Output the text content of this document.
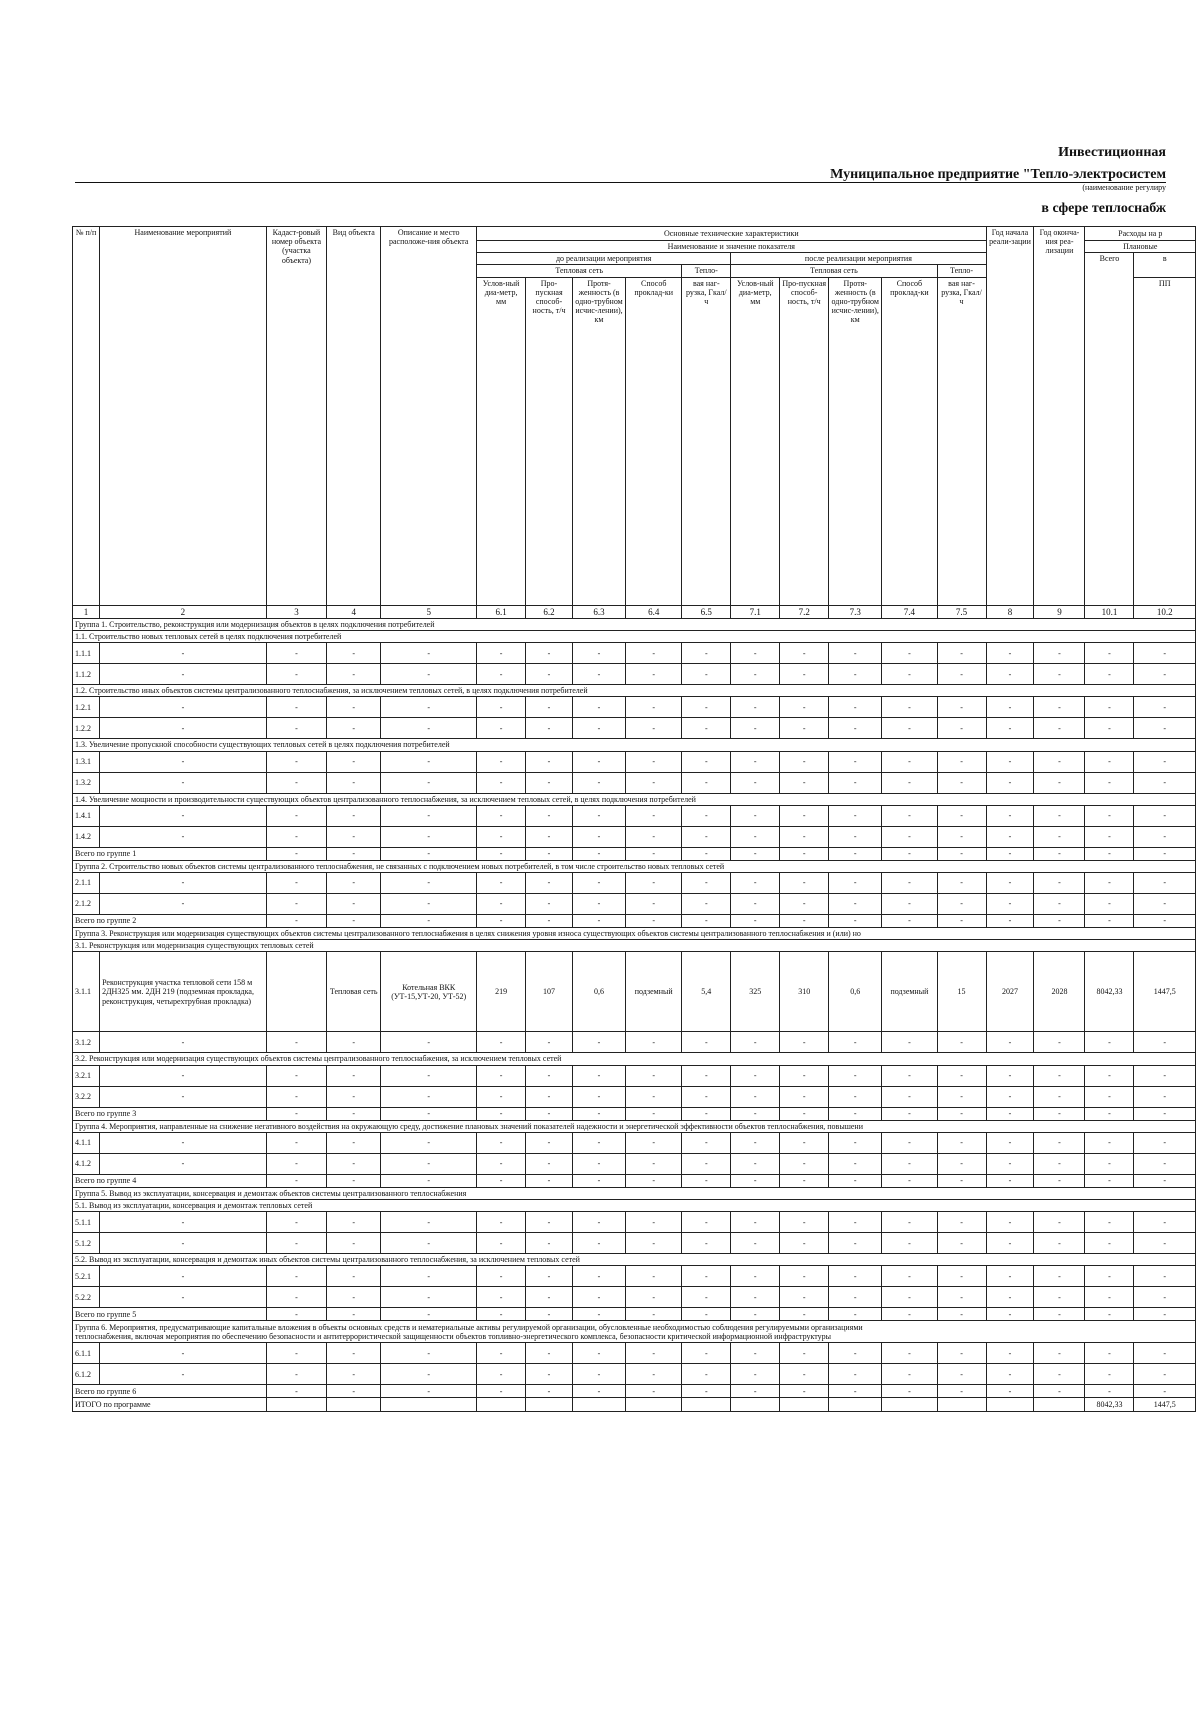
Инвестиционная
Муниципальное предприятие "Тепло-электросистем
(наименование регулиру
в сфере теплоснабж
№ п/п	Наименование мероприятий	Кадаст-ровый номер объекта (участка объекта)	Вид объекта	Описание и место расположе-ния объекта	Основные технические характеристики										Год начала реали-зации	Год оконча-ния реа-лизации	Расходы на р	
					Наименование и значение показателя												Плановые	
					до реализации мероприятия					после реализации мероприятия							Всего	в
					Тепловая сеть				Тепло-	Тепловая сеть				Тепло-				
					Услов-ный диа-метр, мм	Про-пускная способ-ность, т/ч	Протя-женность (в одно-трубном исчис-лении), км	Способ проклад-ки	вая наг-рузка, Гкал/ч	Услов-ный диа-метр, мм	Про-пускная способ-ность, т/ч	Протя-женность (в одно-трубном исчис-лении), км	Способ проклад-ки	вая наг-рузка, Гкал/ч				ПП
1	2	3	4	5	6.1	6.2	6.3	6.4	6.5	7.1	7.2	7.3	7.4	7.5	8	9	10.1	10.2
Группа 1. Строительство, реконструкция или модернизация объектов в целях подключения потребителей																		
1.1. Строительство новых тепловых сетей в целях подключения потребителей																		
1.1.1	-	-	-	-	-	-	-	-	-	-	-	-	-	-	-	-	-	-
1.1.2	-	-	-	-	-	-	-	-	-	-	-	-	-	-	-	-	-	-
1.2. Строительство иных объектов системы централизованного теплоснабжения, за исключением тепловых сетей, в целях подключения потребителей																		
1.2.1	-	-	-	-	-	-	-	-	-	-	-	-	-	-	-	-	-	-
1.2.2	-	-	-	-	-	-	-	-	-	-	-	-	-	-	-	-	-	-
1.3. Увеличение пропускной способности существующих тепловых сетей в целях подключения потребителей																		
1.3.1	-	-	-	-	-	-	-	-	-	-	-	-	-	-	-	-	-	-
1.3.2	-	-	-	-	-	-	-	-	-	-	-	-	-	-	-	-	-	-
1.4. Увеличение мощности и производительности существующих объектов централизованного теплоснабжения, за исключением тепловых сетей, в целях подключения потребителей																		
1.4.1	-	-	-	-	-	-	-	-	-	-	-	-	-	-	-	-	-	-
1.4.2	-	-	-	-	-	-	-	-	-	-	-	-	-	-	-	-	-	-
Всего по группе 1		-	-	-	-	-	-	-	-	-	-	-	-	-	-	-	-	-
Группа 2. Строительство новых объектов системы централизованного теплоснабжения, не связанных с подключением новых потребителей, в том числе строительство новых тепловых сетей																		
2.1.1	-	-	-	-	-	-	-	-	-	-	-	-	-	-	-	-	-	-
2.1.2	-	-	-	-	-	-	-	-	-	-	-	-	-	-	-	-	-	-
Всего по группе 2		-	-	-	-	-	-	-	-	-	-	-	-	-	-	-	-	-
Группа 3. Реконструкция или модернизация существующих объектов системы централизованного теплоснабжения в целях снижения уровня износа существующих объектов системы централизованного теплоснабжения и (или) но																		
3.1. Реконструкция или модернизация существующих тепловых сетей																		
3.1.1	Реконструкция участка тепловой сети 158 м 2ДН325 мм. 2ДН 219 (подземная прокладка, реконструкция, четырехтрубная прокладка)		Тепловая сеть	Котельная ВКК (УТ-15,УТ-20, УТ-52)	219	107	0,6	подземный	5,4	325	310	0,6	подземный	15	2027	2028	8042,33	1447,5
3.1.2	-	-	-	-	-	-	-	-	-	-	-	-	-	-	-	-	-	-
3.2. Реконструкция или модернизация существующих объектов системы централизованного теплоснабжения, за исключением тепловых сетей																		
3.2.1	-	-	-	-	-	-	-	-	-	-	-	-	-	-	-	-	-	-
3.2.2	-	-	-	-	-	-	-	-	-	-	-	-	-	-	-	-	-	-
Всего по группе 3		-	-	-	-	-	-	-	-	-	-	-	-	-	-	-	-	-
Группа 4. Мероприятия, направленные на снижение негативного воздействия на окружающую среду, достижение плановых значений показателей надежности и энергетической эффективности объектов теплоснабжения, повышени																		
4.1.1	-	-	-	-	-	-	-	-	-	-	-	-	-	-	-	-	-	-
4.1.2	-	-	-	-	-	-	-	-	-	-	-	-	-	-	-	-	-	-
Всего по группе 4		-	-	-	-	-	-	-	-	-	-	-	-	-	-	-	-	-
Группа 5. Вывод из эксплуатации, консервация и демонтаж объектов системы централизованного теплоснабжения																		
5.1. Вывод из эксплуатации, консервация и демонтаж тепловых сетей																		
5.1.1	-	-	-	-	-	-	-	-	-	-	-	-	-	-	-	-	-	-
5.1.2	-	-	-	-	-	-	-	-	-	-	-	-	-	-	-	-	-	-
5.2. Вывод из эксплуатации, консервация и демонтаж иных объектов системы централизованного теплоснабжения, за исключением тепловых сетей																		
5.2.1	-	-	-	-	-	-	-	-	-	-	-	-	-	-	-	-	-	-
5.2.2	-	-	-	-	-	-	-	-	-	-	-	-	-	-	-	-	-	-
Всего по группе 5		-	-	-	-	-	-	-	-	-	-	-	-	-	-	-	-	-

Группа 6. Мероприятия, предусматривающие капитальные вложения в объекты основных средств и нематериальные активы регулируемой организации, обусловленные необходимостью соблюдения регулируемыми организациями
теплоснабжения, включая мероприятия по обеспечению безопасности и антитеррористической защищенности объектов топливно-энергетического комплекса, безопасности критической информационной инфраструктуры																		

6.1.1	-	-	-	-	-	-	-	-	-	-	-	-	-	-	-	-	-	-
6.1.2	-	-	-	-	-	-	-	-	-	-	-	-	-	-	-	-	-	-
Всего по группе 6		-	-	-	-	-	-	-	-	-	-	-	-	-	-	-	-	-
ИТОГО по программе																	8042,33	1447,5
